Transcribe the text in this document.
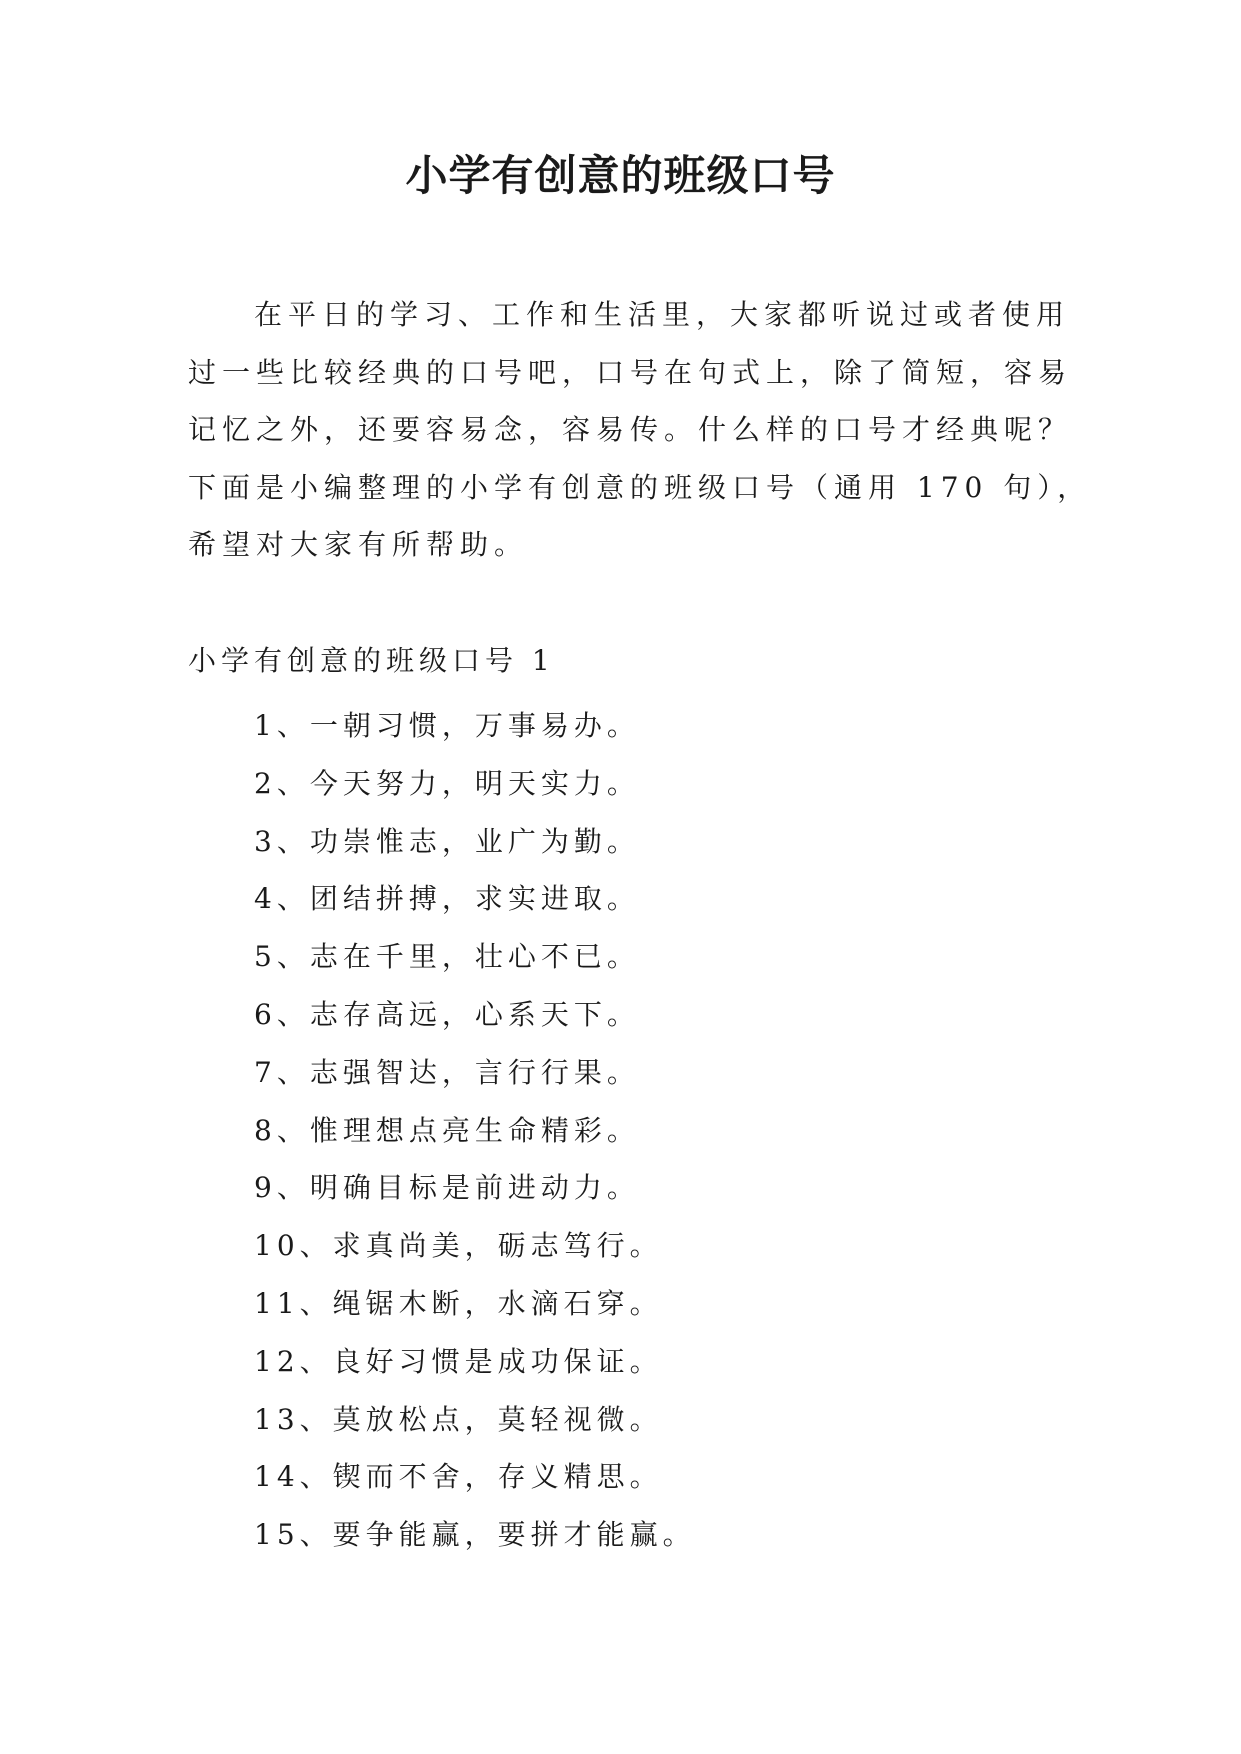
小学有创意的班级口号
在平日的学习、工作和生活里，大家都听说过或者使用
过一些比较经典的口号吧，口号在句式上，除了简短，容易
记忆之外，还要容易念，容易传。什么样的口号才经典呢？
下面是小编整理的小学有创意的班级口号（通用 170 句），
希望对大家有所帮助。
小学有创意的班级口号 1
1、一朝习惯，万事易办。
2、今天努力，明天实力。
3、功崇惟志，业广为勤。
4、团结拼搏，求实进取。
5、志在千里，壮心不已。
6、志存高远，心系天下。
7、志强智达，言行行果。
8、惟理想点亮生命精彩。
9、明确目标是前进动力。
10、求真尚美，砺志笃行。
11、绳锯木断，水滴石穿。
12、良好习惯是成功保证。
13、莫放松点，莫轻视微。
14、锲而不舍，存义精思。
15、要争能赢，要拼才能赢。
